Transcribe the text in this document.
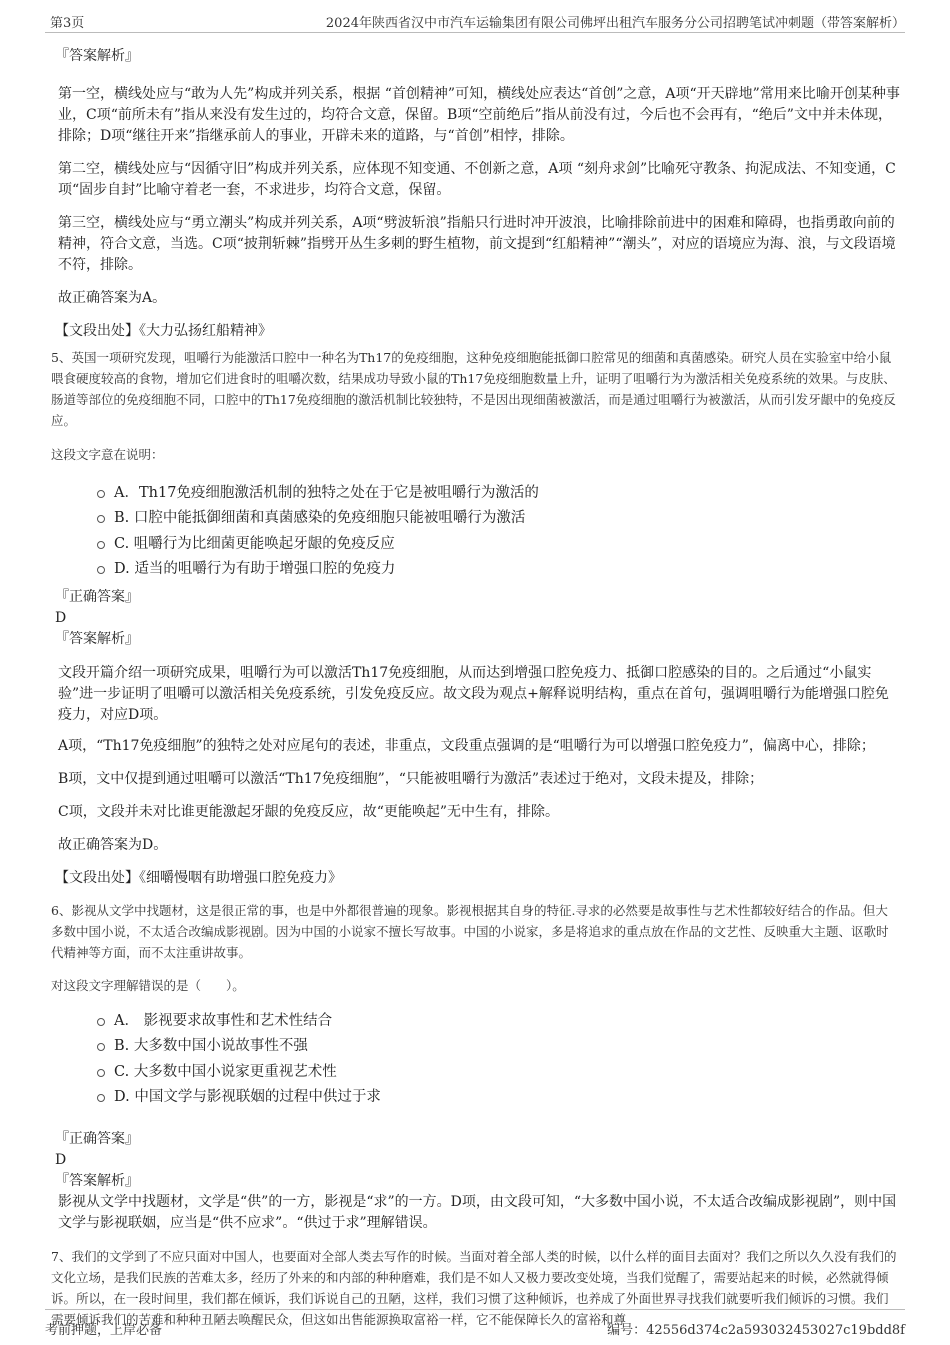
第3页	2024年陕西省汉中市汽车运输集团有限公司佛坪出租汽车服务分公司招聘笔试冲刺题（带答案解析）

『答案解析』

第一空，横线处应与“敢为人先”构成并列关系，根据 “首创精神”可知，横线处应表达“首创”之意，A项“开天辟地”常用来比喻开创某种事业，C项“前所未有”指从来没有发生过的，均符合文意，保留。B项“空前绝后”指从前没有过，今后也不会再有，“绝后”文中并未体现，排除；D项“继往开来”指继承前人的事业，开辟未来的道路，与“首创”相悖，排除。

第二空，横线处应与“因循守旧”构成并列关系，应体现不知变通、不创新之意，A项 “刻舟求剑”比喻死守教条、拘泥成法、不知变通，C项“固步自封”比喻守着老一套，不求进步，均符合文意，保留。

第三空，横线处应与“勇立潮头”构成并列关系，A项“劈波斩浪”指船只行进时冲开波浪，比喻排除前进中的困难和障碍，也指勇敢向前的精神，符合文意，当选。C项“披荆斩棘”指劈开丛生多刺的野生植物，前文提到“红船精神”“潮头”，对应的语境应为海、浪，与文段语境不符，排除。

故正确答案为A。

【文段出处】《大力弘扬红船精神》

5、英国一项研究发现，咀嚼行为能激活口腔中一种名为Th17的免疫细胞，这种免疫细胞能抵御口腔常见的细菌和真菌感染。研究人员在实验室中给小鼠喂食硬度较高的食物，增加它们进食时的咀嚼次数，结果成功导致小鼠的Th17免疫细胞数量上升，证明了咀嚼行为为激活相关免疫系统的效果。与皮肤、肠道等部位的免疫细胞不同，口腔中的Th17免疫细胞的激活机制比较独特，不是因出现细菌被激活，而是通过咀嚼行为被激活，从而引发牙龈中的免疫反应。

这段文字意在说明：

A．Th17免疫细胞激活机制的独特之处在于它是被咀嚼行为激活的
B. 口腔中能抵御细菌和真菌感染的免疫细胞只能被咀嚼行为激活
C. 咀嚼行为比细菌更能唤起牙龈的免疫反应
D. 适当的咀嚼行为有助于增强口腔的免疫力

『正确答案』

D

『答案解析』

文段开篇介绍一项研究成果，咀嚼行为可以激活Th17免疫细胞，从而达到增强口腔免疫力、抵御口腔感染的目的。之后通过“小鼠实验”进一步证明了咀嚼可以激活相关免疫系统，引发免疫反应。故文段为观点+解释说明结构，重点在首句，强调咀嚼行为能增强口腔免疫力，对应D项。

A项，“Th17免疫细胞”的独特之处对应尾句的表述，非重点，文段重点强调的是“咀嚼行为可以增强口腔免疫力”，偏离中心，排除；

B项，文中仅提到通过咀嚼可以激活“Th17免疫细胞”，“只能被咀嚼行为激活”表述过于绝对，文段未提及，排除；

C项，文段并未对比谁更能激起牙龈的免疫反应，故“更能唤起”无中生有，排除。

故正确答案为D。

【文段出处】《细嚼慢咽有助增强口腔免疫力》

6、影视从文学中找题材，这是很正常的事，也是中外都很普遍的现象。影视根据其自身的特征.寻求的必然要是故事性与艺术性都较好结合的作品。但大多数中国小说，不太适合改编成影视剧。因为中国的小说家不擅长写故事。中国的小说家，多是将追求的重点放在作品的文艺性、反映重大主题、讴歌时代精神等方面，而不太注重讲故事。

对这段文字理解错误的是（　　）。

A． 影视要求故事性和艺术性结合
B. 大多数中国小说故事性不强
C. 大多数中国小说家更重视艺术性
D. 中国文学与影视联姻的过程中供过于求

『正确答案』

D

『答案解析』

影视从文学中找题材，文学是“供”的一方，影视是“求”的一方。D项，由文段可知，“大多数中国小说，不太适合改编成影视剧”，则中国文学与影视联姻，应当是“供不应求”。“供过于求”理解错误。

7、我们的文学到了不应只面对中国人，也要面对全部人类去写作的时候。当面对着全部人类的时候，以什么样的面目去面对？我们之所以久久没有我们的文化立场，是我们民族的苦难太多，经历了外来的和内部的种种磨难，我们是不如人又极力要改变处境，当我们觉醒了，需要站起来的时候，必然就得倾诉。所以，在一段时间里，我们都在倾诉，我们诉说自己的丑陋，这样，我们习惯了这种倾诉，也养成了外面世界寻找我们就要听我们倾诉的习惯。我们需要倾诉我们的苦难和种种丑陋去唤醒民众，但这如出售能源换取富裕一样，它不能保障长久的富裕和尊

考前押题，上岸必备	编号：42556d374c2a593032453027c19bdd8f
